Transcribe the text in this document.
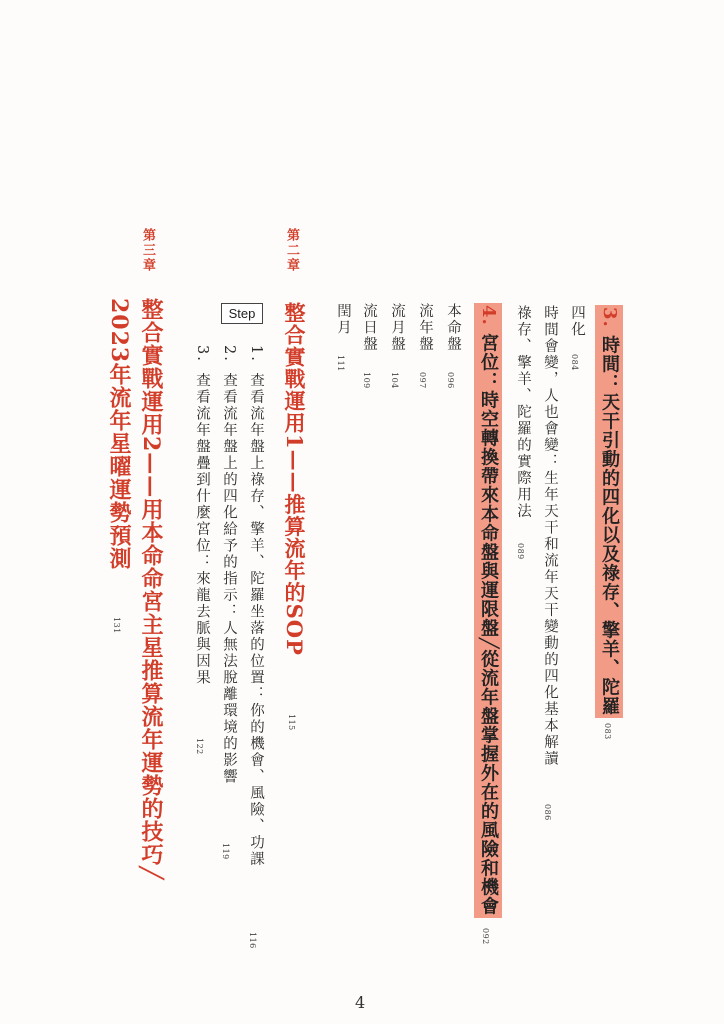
3.時間：天干引動的四化以及祿存、擎羊、陀羅
083
四化
084
時間會變，人也會變：生年天干和流年天干變動的四化基本解讀
086
祿存、擎羊、陀羅的實際用法
089
4.宮位：時空轉換帶來本命盤與運限盤╱從流年盤掌握外在的風險和機會
092
本命盤
096
流年盤
097
流月盤
104
流日盤
109
閏月
111
第二章
整合實戰運用1——推算流年的SOP
115
Step
1.查看流年盤上祿存、擎羊、陀羅坐落的位置：你的機會、風險、功課
116
2.查看流年盤上的四化給予的指示：人無法脫離環境的影響
119
3.查看流年盤疊到什麼宮位：來龍去脈與因果
122
第三章
整合實戰運用2——用本命命宮主星推算流年運勢的技巧╱
2023年流年星曜運勢預測
131
4
